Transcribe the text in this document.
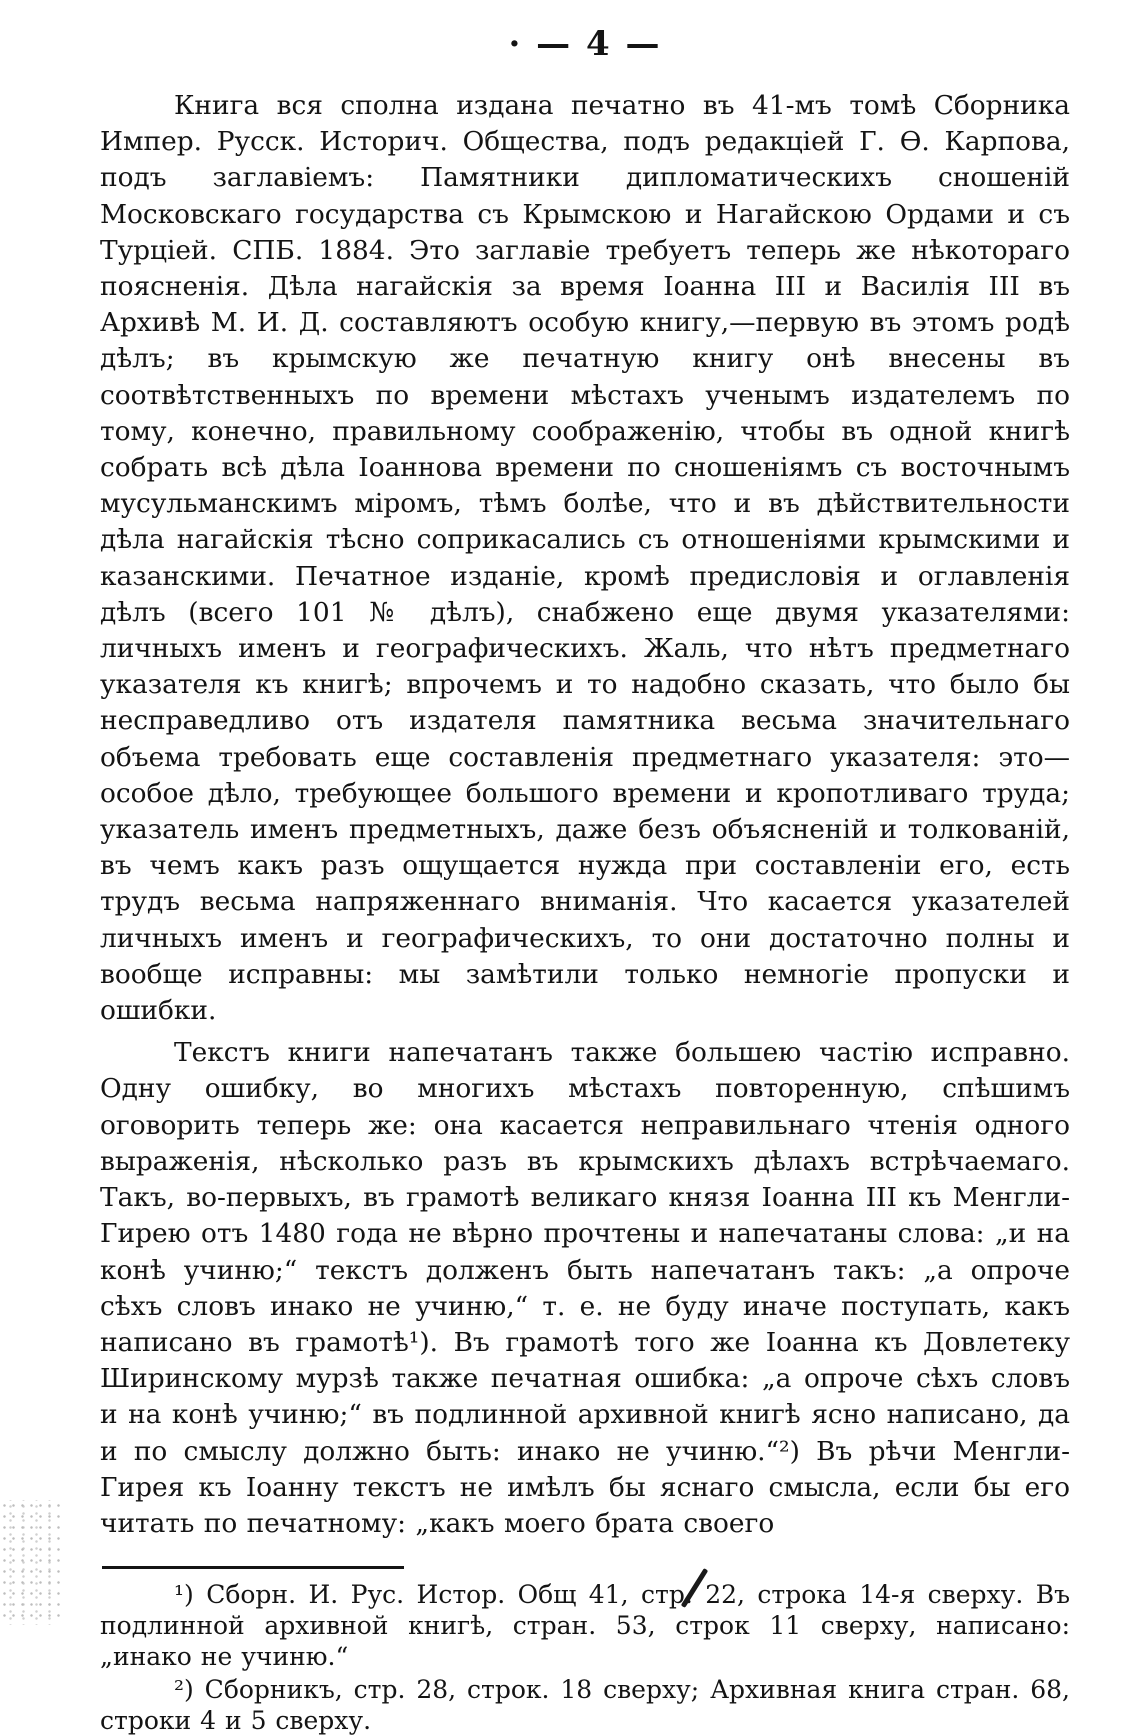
· — 4 —

Книга вся сполна издана печатно въ 41-мъ томѣ Сборника Импер. Русск. Историч. Общества, подъ редакціей Г. Ѳ. Карпова, подъ заглавіемъ: Памятники дипломатическихъ сношеній Московскаго государства съ Крымскою и Нагайскою Ордами и съ Турціей. СПБ. 1884. Это заглавіе требуетъ теперь же нѣкотораго поясненія. Дѣла нагайскія за время Іоанна III и Василія III въ Архивѣ М. И. Д. составляютъ особую книгу,—первую въ этомъ родѣ дѣлъ; въ крымскую же печатную книгу онѣ внесены въ соотвѣтственныхъ по времени мѣстахъ ученымъ издателемъ по тому, конечно, правильному соображенію, чтобы въ одной книгѣ собрать всѣ дѣла Іоаннова времени по сношеніямъ съ восточнымъ мусульманскимъ міромъ, тѣмъ болѣе, что и въ дѣйствительности дѣла нагайскія тѣсно соприкасались съ отношеніями крымскими и казанскими. Печатное изданіе, кромѣ предисловія и оглавленія дѣлъ (всего 101 № дѣлъ), снабжено еще двумя указателями: личныхъ именъ и географическихъ. Жаль, что нѣтъ предметнаго указателя къ книгѣ; впрочемъ и то надобно сказать, что было бы несправедливо отъ издателя памятника весьма значительнаго объема требовать еще составленія предметнаго указателя: это—особое дѣло, требующее большого времени и кропотливаго труда; указатель именъ предметныхъ, даже безъ объясненій и толкованій, въ чемъ какъ разъ ощущается нужда при составленіи его, есть трудъ весьма напряженнаго вниманія. Что касается указателей личныхъ именъ и географическихъ, то они достаточно полны и вообще исправны: мы замѣтили только немногіе пропуски и ошибки.

Текстъ книги напечатанъ также большею частію исправно. Одну ошибку, во многихъ мѣстахъ повторенную, спѣшимъ оговорить теперь же: она касается неправильнаго чтенія одного выраженія, нѣсколько разъ въ крымскихъ дѣлахъ встрѣчаемаго. Такъ, во-первыхъ, въ грамотѣ великаго князя Іоанна III къ Менгли-Гирею отъ 1480 года не вѣрно прочтены и напечатаны слова: „и на конѣ учиню;“ текстъ долженъ быть напечатанъ такъ: „а опроче сѣхъ словъ инако не учиню,“ т. е. не буду иначе поступать, какъ написано въ грамотѣ¹). Въ грамотѣ того же Іоанна къ Довлетеку Ширинскому мурзѣ также печатная ошибка: „а опроче сѣхъ словъ и на конѣ учиню;“ въ подлинной архивной книгѣ ясно написано, да и по смыслу должно быть: инако не учиню.“²) Въ рѣчи Менгли-Гирея къ Іоанну текстъ не имѣлъ бы яснаго смысла, если бы его читать по печатному: „какъ моего брата своего

¹) Сборн. И. Рус. Истор. Общ 41, стр. 22, строка 14-я сверху. Въ подлинной архивной книгѣ, стран. 53, строк 11 сверху, написано: „инако не учиню.“

²) Сборникъ, стр. 28, строк. 18 сверху; Архивная книга стран. 68, строки 4 и 5 сверху.
